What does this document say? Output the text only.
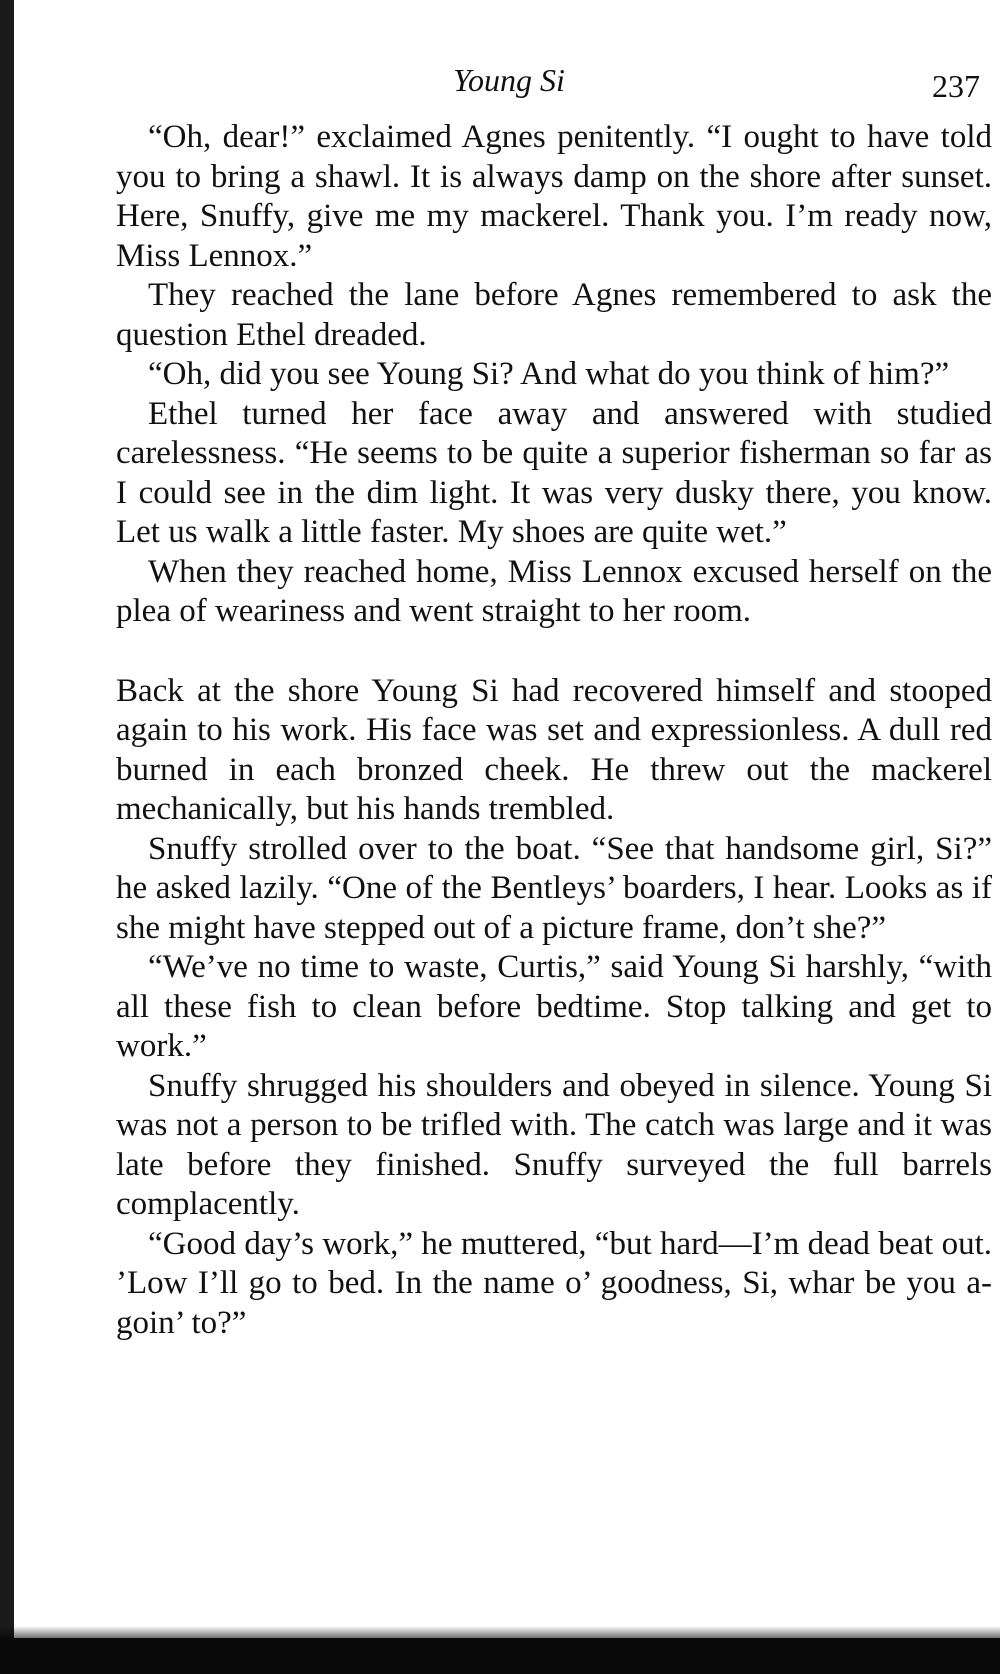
Young Si	237

“Oh, dear!” exclaimed Agnes penitently. “I ought to have told you to bring a shawl. It is always damp on the shore after sunset. Here, Snuffy, give me my mackerel. Thank you. I’m ready now, Miss Lennox.”

They reached the lane before Agnes remembered to ask the question Ethel dreaded.

“Oh, did you see Young Si? And what do you think of him?”

Ethel turned her face away and answered with studied carelessness. “He seems to be quite a superior fisherman so far as I could see in the dim light. It was very dusky there, you know. Let us walk a little faster. My shoes are quite wet.”

When they reached home, Miss Lennox excused herself on the plea of weariness and went straight to her room.

Back at the shore Young Si had recovered himself and stooped again to his work. His face was set and expressionless. A dull red burned in each bronzed cheek. He threw out the mackerel mechanically, but his hands trembled.

Snuffy strolled over to the boat. “See that handsome girl, Si?” he asked lazily. “One of the Bentleys’ boarders, I hear. Looks as if she might have stepped out of a picture frame, don’t she?”

“We’ve no time to waste, Curtis,” said Young Si harshly, “with all these fish to clean before bedtime. Stop talking and get to work.”

Snuffy shrugged his shoulders and obeyed in silence. Young Si was not a person to be trifled with. The catch was large and it was late before they finished. Snuffy surveyed the full barrels complacently.

“Good day’s work,” he muttered, “but hard—I’m dead beat out. ’Low I’ll go to bed. In the name o’ goodness, Si, whar be you a-goin’ to?”
